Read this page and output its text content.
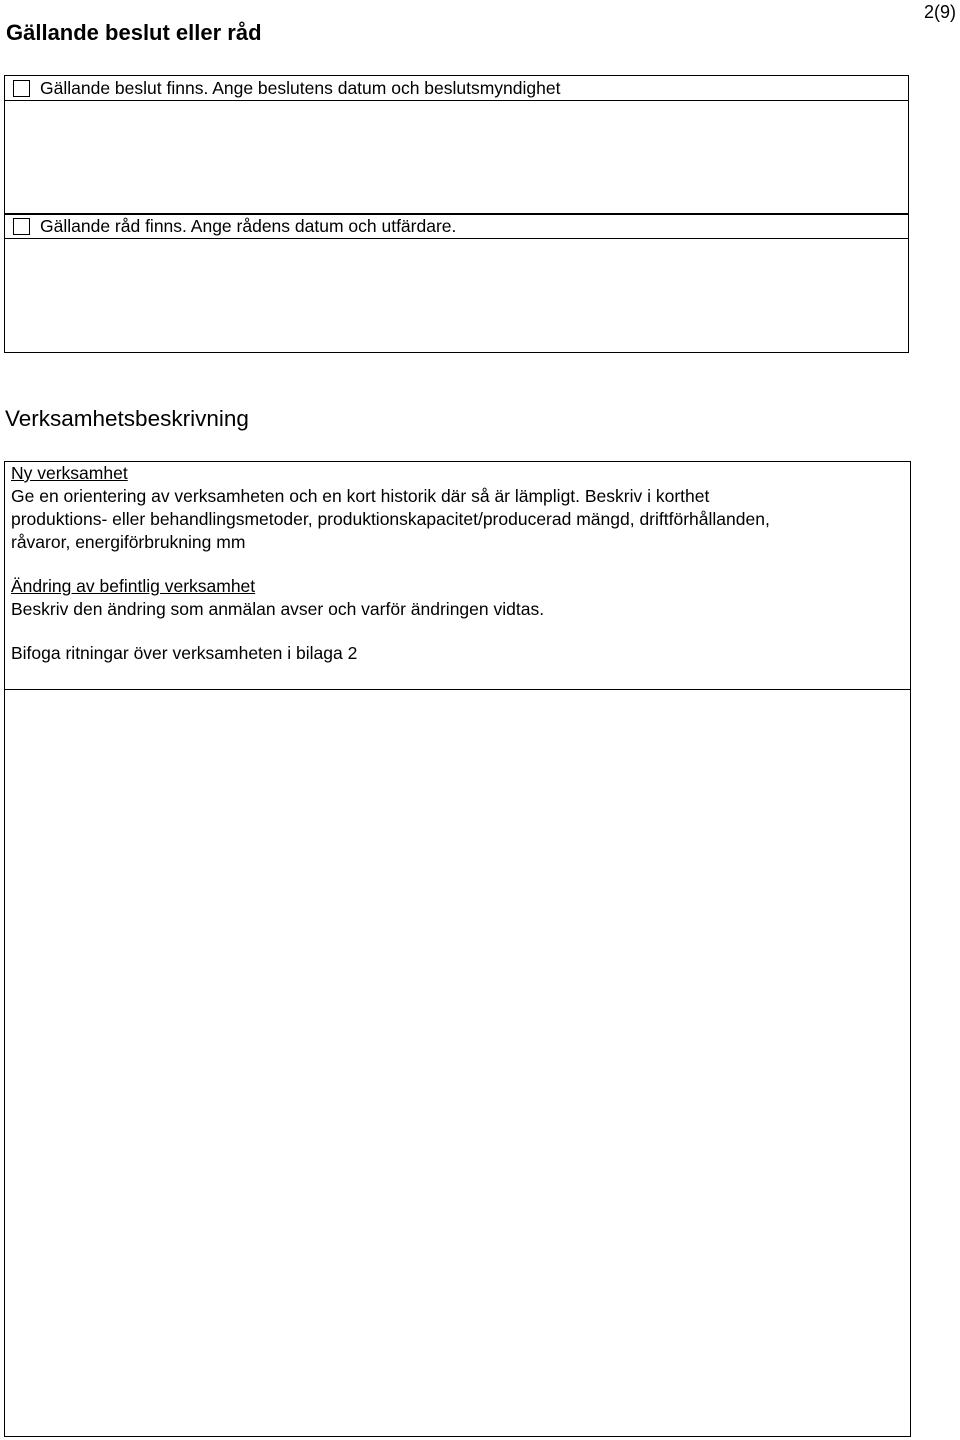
2(9)
Gällande beslut eller råd
Gällande beslut finns. Ange beslutens datum och beslutsmyndighet
Gällande råd finns. Ange rådens datum och utfärdare.
Verksamhetsbeskrivning

Ny verksamhet

Ge en orientering av verksamheten och en kort historik där så är lämpligt. Beskriv i korthet

produktions- eller behandlingsmetoder, produktionskapacitet/producerad mängd, driftförhållanden,

råvaror, energiförbrukning mm

Ändring av befintlig verksamhet

Beskriv den ändring som anmälan avser och varför ändringen vidtas.

Bifoga ritningar över verksamheten i bilaga 2
